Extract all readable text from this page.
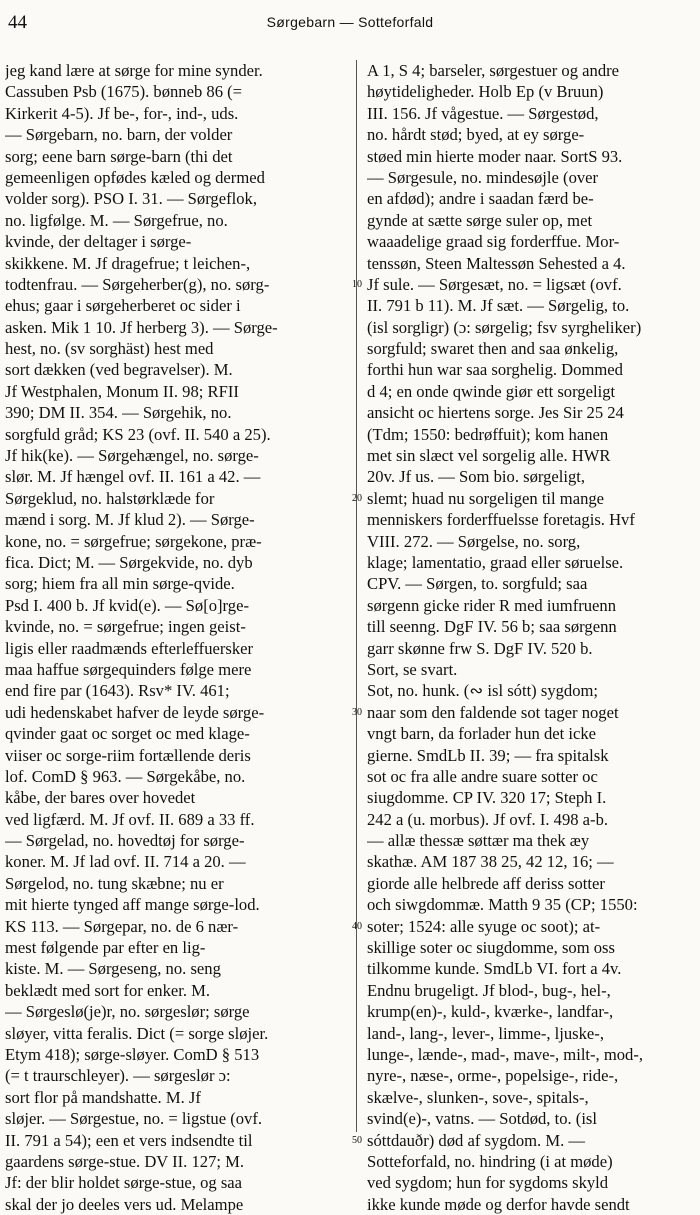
44	Sørgebarn — Sotteforfald
jeg kand lære at sørge for mine synder.
Cassuben Psb (1675). bønneb 86 (=
Kirkerit 4-5). Jf be-, for-, ind-, uds.
— Sørgebarn, no. barn, der volder
sorg; eene barn sørge-barn (thi det
gemeenligen opfødes kæled og dermed
volder sorg). PSO I. 31. — Sørgeflok,
no. ligfølge. M. — Sørgefrue, no.
kvinde, der deltager i sørge-
skikkene. M. Jf dragefrue; t leichen-,
todtenfrau. — Sørgeherber(g), no. sørg-
ehus; gaar i sørgeherberet oc sider i
asken. Mik 1 10. Jf herberg 3). — Sørge-
hest, no. (sv sorghäst) hest med
sort dækken (ved begravelser). M.
Jf Westphalen, Monum II. 98; RFII
390; DM II. 354. — Sørgehik, no.
sorgfuld gråd; KS 23 (ovf. II. 540 a 25).
Jf hik(ke). — Sørgehængel, no. sørge-
slør. M. Jf hængel ovf. II. 161 a 42. —
Sørgeklud, no. halstørklæde for
mænd i sorg. M. Jf klud 2). — Sørge-
kone, no. = sørgefrue; sørgekone, præ-
fica. Dict; M. — Sørgekvide, no. dyb
sorg; hiem fra all min sørge-qvide.
Psd I. 400 b. Jf kvid(e). — Sø[o]rge-
kvinde, no. = sørgefrue; ingen geist-
ligis eller raadmænds efterleffuersker
maa haffue sørgequinders følge mere
end fire par (1643). Rsv* IV. 461;
udi hedenskabet hafver de leyde sørge-
qvinder gaat oc sorget oc med klage-
viiser oc sorge-riim fortællende deris
lof. ComD § 963. — Sørgekåbe, no.
kåbe, der bares over hovedet
ved ligfærd. M. Jf ovf. II. 689 a 33 ff.
— Sørgelad, no. hovedtøj for sørge-
koner. M. Jf lad ovf. II. 714 a 20. —
Sørgelod, no. tung skæbne; nu er
mit hierte tynged aff mange sørge-lod.
KS 113. — Sørgepar, no. de 6 nær-
mest følgende par efter en lig-
kiste. M. — Sørgeseng, no. seng
beklædt med sort for enker. M.
— Sørgeslø(je)r, no. sørgeslør; sørge
sløyer, vitta feralis. Dict (= sorge sløjer.
Etym 418); sørge-sløyer. ComD § 513
(= t traurschleyer). — sørgeslør ɔ:
sort flor på mandshatte. M. Jf
sløjer. — Sørgestue, no. = ligstue (ovf.
II. 791 a 54); een et vers indsendte til
gaardens sørge-stue. DV II. 127; M.
Jf: der blir holdet sørge-stue, og saa
skal der jo deeles vers ud. Melampe
10
20
30
40
50
A 1, S 4; barseler, sørgestuer og andre
høytideligheder. Holb Ep (v Bruun)
III. 156. Jf vågestue. — Sørgestød,
no. hårdt stød; byed, at ey sørge-
støed min hierte moder naar. SortS 93.
— Sørgesule, no. mindesøjle (over
en afdød); andre i saadan færd be-
gynde at sætte sørge suler op, met
waaadelige graad sig forderffue. Mor-
tenssøn, Steen Maltessøn Sehested a 4.
Jf sule. — Sørgesæt, no. = ligsæt (ovf.
II. 791 b 11). M. Jf sæt. — Sørgelig, to.
(isl sorgligr) (ɔ: sørgelig; fsv syrgheliker)
sorgfuld; swaret then and saa ønkelig,
forthi hun war saa sorghelig. Dommed
d 4; en onde qwinde giør ett sorgeligt
ansicht oc hiertens sorge. Jes Sir 25 24
(Tdm; 1550: bedrøffuit); kom hanen
met sin slæct vel sorgelig alle. HWR
20v. Jf us. — Som bio. sørgeligt,
slemt; huad nu sorgeligen til mange
menniskers forderffuelsse foretagis. Hvf
VIII. 272. — Sørgelse, no. sorg,
klage; lamentatio, graad eller søruelse.
CPV. — Sørgen, to. sorgfuld; saa
sørgenn gicke rider R med iumfruenn
till seenng. DgF IV. 56 b; saa sørgenn
garr skønne frw S. DgF IV. 520 b.
Sort, se svart.
Sot, no. hunk. (∾ isl sótt) sygdom;
naar som den faldende sot tager noget
vngt barn, da forlader hun det icke
gierne. SmdLb II. 39; — fra spitalsk
sot oc fra alle andre suare sotter oc
siugdomme. CP IV. 320 17; Steph I.
242 a (u. morbus). Jf ovf. I. 498 a-b.
— allæ thessæ søttær ma thek æy
skathæ. AM 187 38 25, 42 12, 16; —
giorde alle helbrede aff deriss sotter
och siwgdommæ. Matth 9 35 (CP; 1550:
soter; 1524: alle syuge oc soot); at-
skillige soter oc siugdomme, som oss
tilkomme kunde. SmdLb VI. fort a 4v.
Endnu brugeligt. Jf blod-, bug-, hel-,
krump(en)-, kuld-, kværke-, landfar-,
land-, lang-, lever-, limme-, ljuske-,
lunge-, lænde-, mad-, mave-, milt-, mod-,
nyre-, næse-, orme-, popelsige-, ride-,
skælve-, slunken-, sove-, spitals-,
svind(e)-, vatns. — Sotdød, to. (isl
sóttdauðr) død af sygdom. M. —
Sotteforfald, no. hindring (i at møde)
ved sygdom; hun for sygdoms skyld
ikke kunde møde og derfor havde sendt
